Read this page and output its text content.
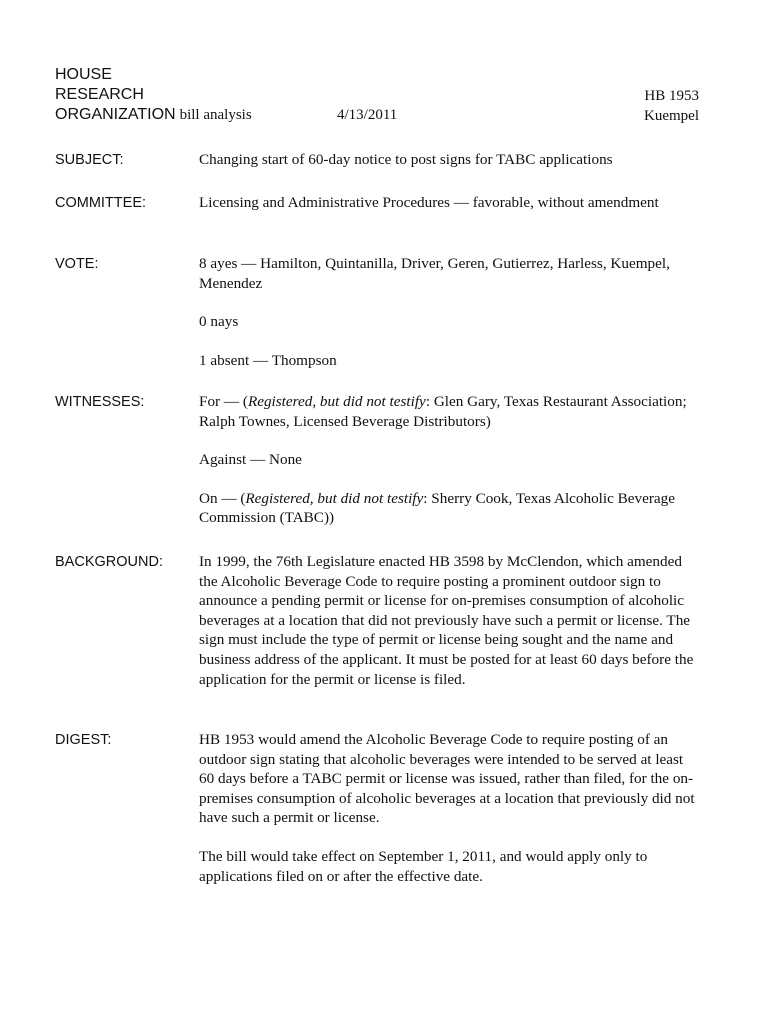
HOUSE
RESEARCH
ORGANIZATION bill analysis	4/13/2011
HB 1953
Kuempel
SUBJECT:	Changing start of 60-day notice to post signs for TABC applications

COMMITTEE:	Licensing and Administrative Procedures — favorable, without amendment

VOTE:	8 ayes — Hamilton, Quintanilla, Driver, Geren, Gutierrez, Harless, Kuempel, Menendez

0 nays

1 absent — Thompson

WITNESSES:	For — (Registered, but did not testify: Glen Gary, Texas Restaurant Association; Ralph Townes, Licensed Beverage Distributors)

Against — None

On — (Registered, but did not testify: Sherry Cook, Texas Alcoholic Beverage Commission (TABC))

BACKGROUND: In 1999, the 76th Legislature enacted HB 3598 by McClendon, which amended the Alcoholic Beverage Code to require posting a prominent outdoor sign to announce a pending permit or license for on-premises consumption of alcoholic beverages at a location that did not previously have such a permit or license. The sign must include the type of permit or license being sought and the name and business address of the applicant. It must be posted for at least 60 days before the application for the permit or license is filed.

DIGEST:	HB 1953 would amend the Alcoholic Beverage Code to require posting of an outdoor sign stating that alcoholic beverages were intended to be served at least 60 days before a TABC permit or license was issued, rather than filed, for the on-premises consumption of alcoholic beverages at a location that previously did not have such a permit or license.

The bill would take effect on September 1, 2011, and would apply only to applications filed on or after the effective date.
